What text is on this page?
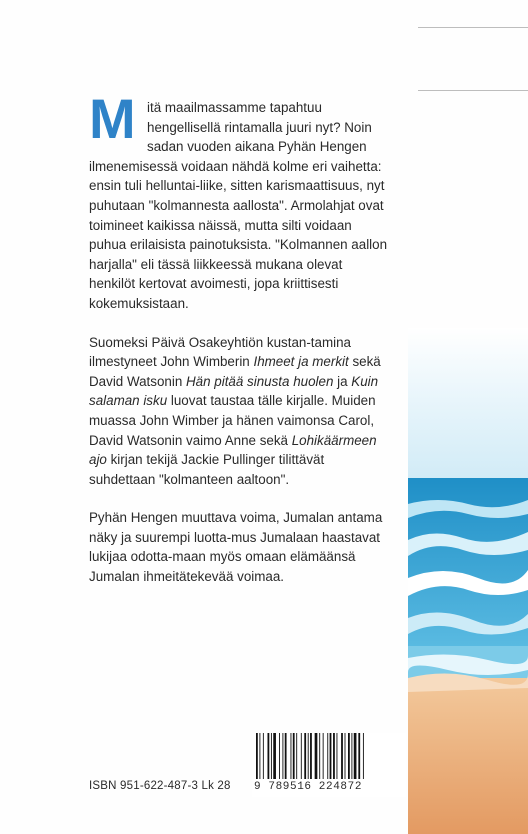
M itä maailmassamme tapahtuu hengellisellä rintamalla juuri nyt? Noin sadan vuoden aikana Pyhän Hengen ilmenemisessä voidaan nähdä kolme eri vaihetta: ensin tuli helluntai-liike, sitten karismaattisuus, nyt puhutaan "kolmannesta aallosta". Armolahjat ovat toimineet kaikissa näissä, mutta silti voidaan puhua erilaisista painotuksista. "Kolmannen aallon harjalla" eli tässä liikkeessä mukana olevat henkilöt kertovat avoimesti, jopa kriittisesti kokemuksistaan.

Suomeksi Päivä Osakeyhtiön kustan-tamina ilmestyneet John Wimberin Ihmeet ja merkit sekä David Watsonin Hän pitää sinusta huolen ja Kuin salaman isku luovat taustaa tälle kirjalle. Muiden muassa John Wimber ja hänen vaimonsa Carol, David Watsonin vaimo Anne sekä Lohikäärmeen ajo kirjan tekijä Jackie Pullinger tilittävät suhdettaan "kolmanteen aaltoon".

Pyhän Hengen muuttava voima, Jumalan antama näky ja suurempi luotta-mus Jumalaan haastavat lukijaa odotta-maan myös omaan elämäänsä Jumalan ihmeitätekevää voimaa.

9 789516 224872
ISBN 951-622-487-3 Lk 28
